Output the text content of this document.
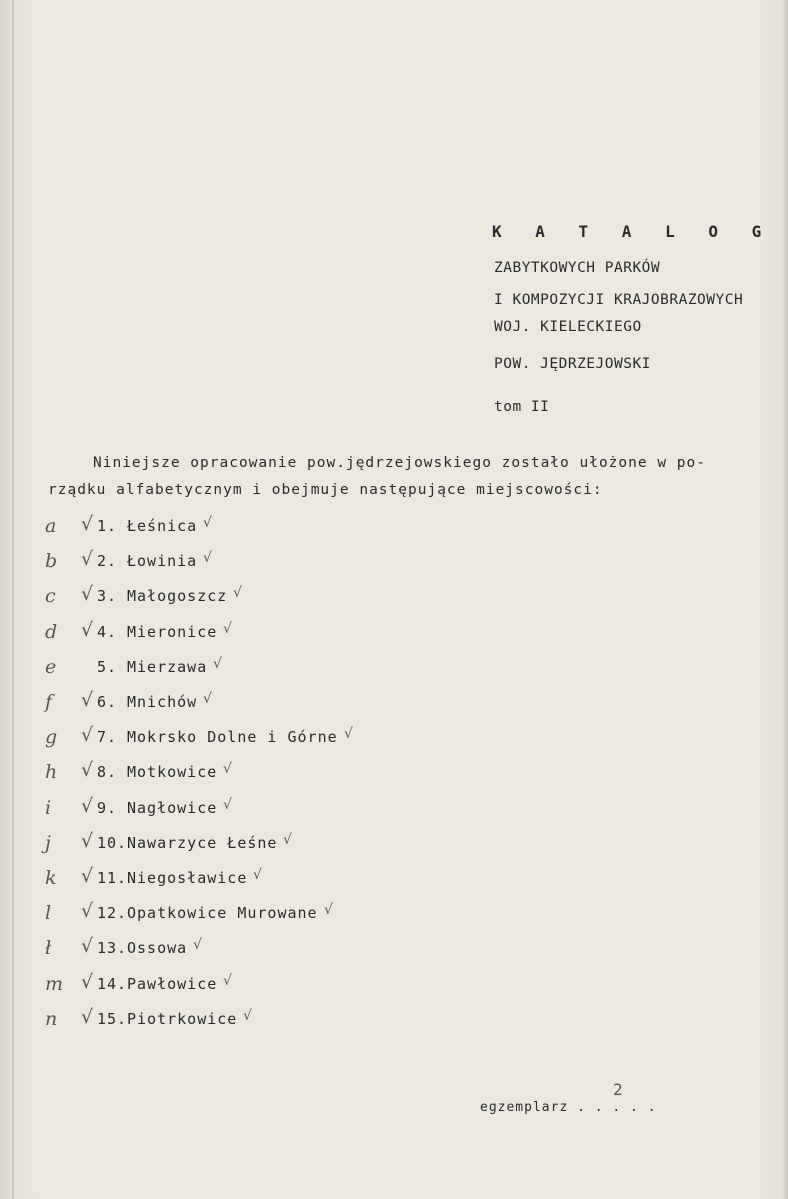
K A T A L O G
ZABYTKOWYCH PARKÓW
I KOMPOZYCJI KRAJOBRAZOWYCH
WOJ. KIELECKIEGO
POW. JĘDRZEJOWSKI
tom II
Niniejsze opracowanie pow.jędrzejowskiego zostało ułożone w po-
rządku alfabetycznym i obejmuje następujące miejscowości:
a √ 1. Łeśnica √
b √ 2. Łowinia √
c √ 3. Małogoszcz √
d √ 4. Mieronice √
e	5. Mierzawa √
f √ 6. Mnichów √
g √ 7. Mokrsko Dolne i Górne √
h √ 8. Motkowice √
i √ 9. Nagłowice √
j √ 10. Nawarzyce Łeśne √
k √ 11. Niegosławice √
l √ 12. Opatkowice Murowane √
ł √ 13. Ossowa √
m √ 14. Pawłowice √
n √ 15. Piotrkowice √
2
egzemplarz . . . . .
